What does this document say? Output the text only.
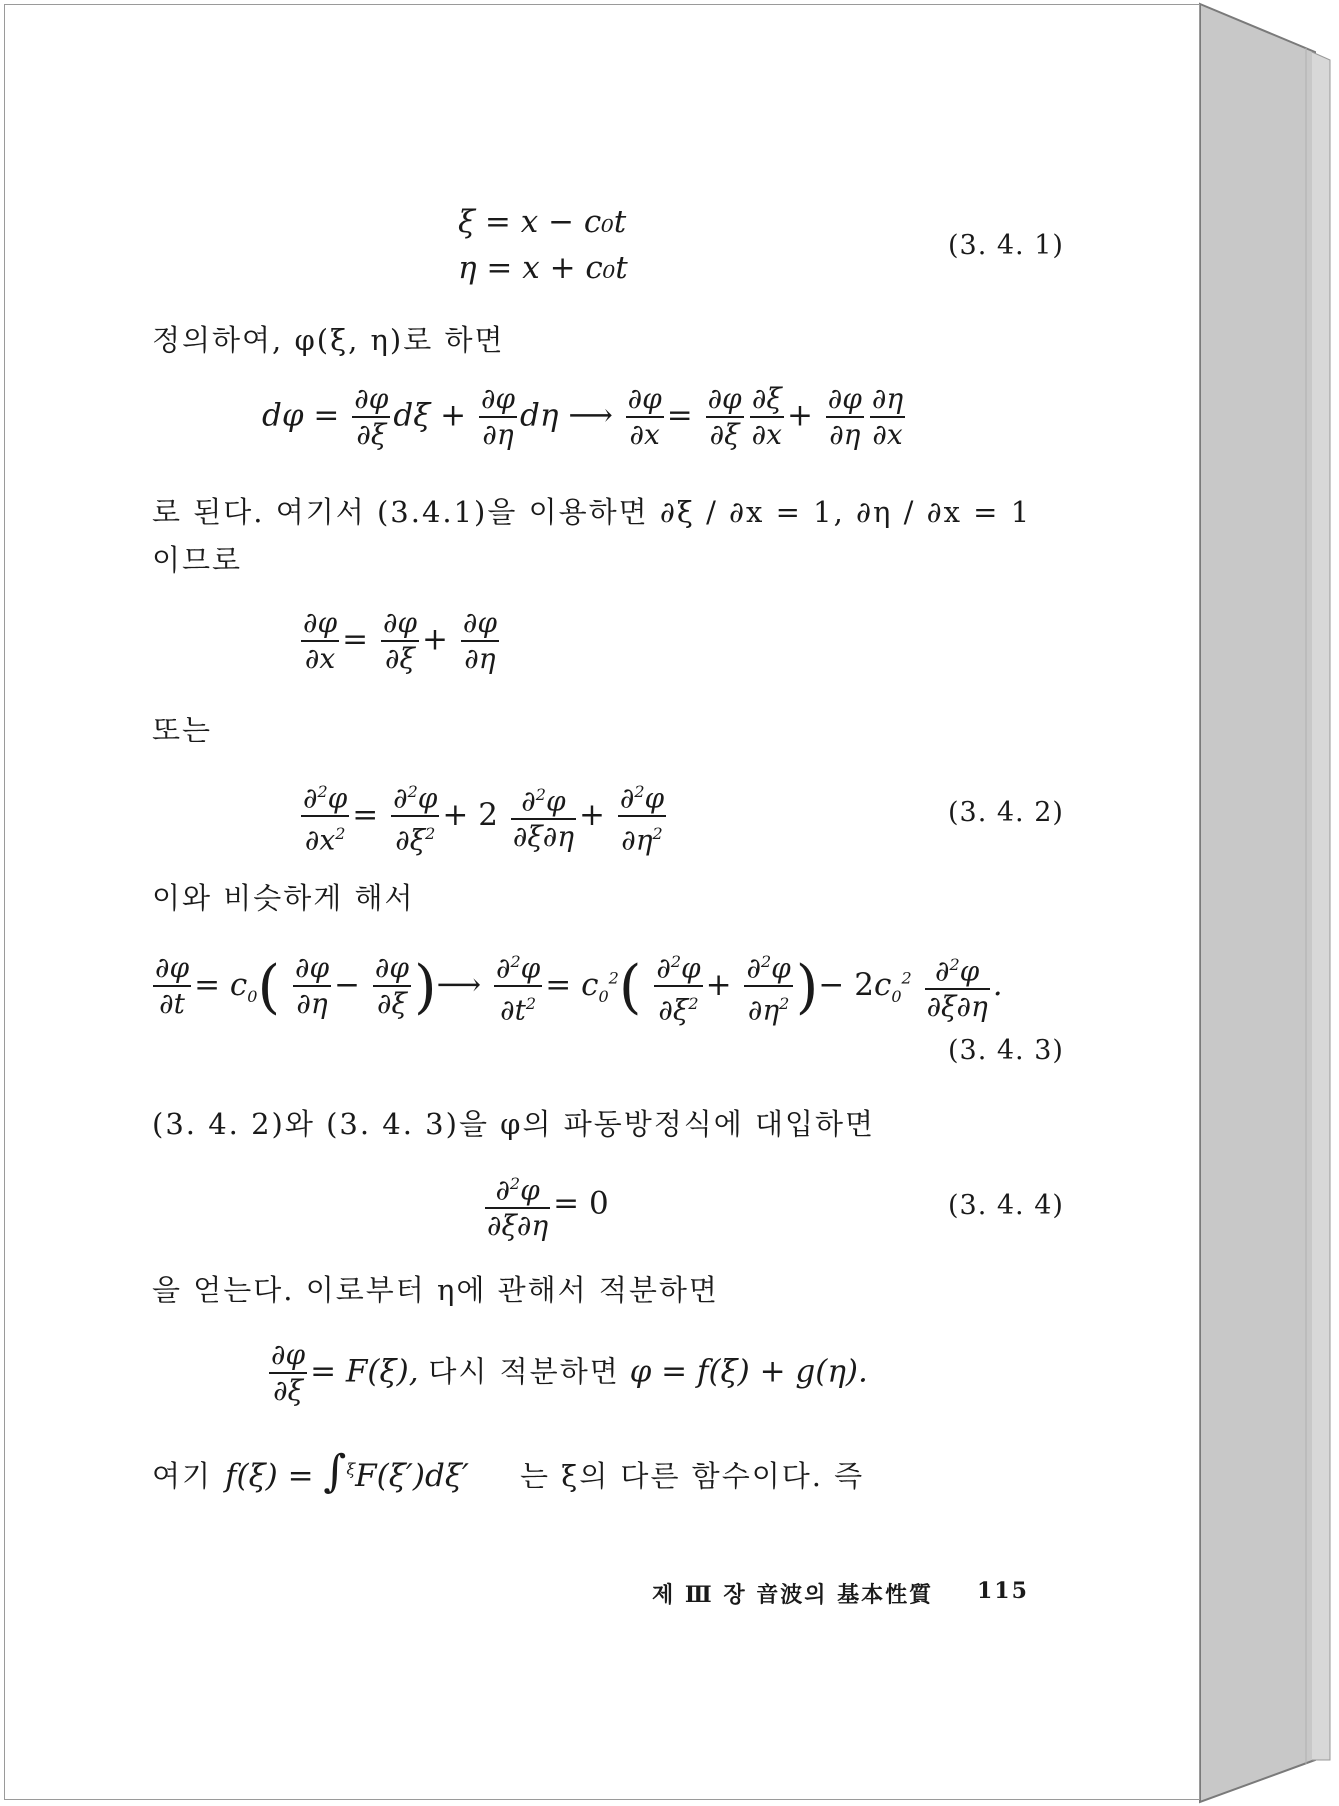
ξ = x − c₀t
η = x + c₀t
(3. 4. 1)
정의하여, φ(ξ, η)로 하면
$d\varphi = \frac{\partial\varphi}{\partial\xi}$ $d\xi + \frac{\partial\varphi}{\partial\eta}$ dη ⟶ $\frac{\partial\varphi}{\partial x} = \frac{\partial\varphi}{\partial\xi} \frac{\partial\xi}{\partial x} + \frac{\partial\varphi}{\partial\eta} \frac{\partial\eta}{\partial x}$
로 된다. 여기서 (3.4.1)을 이용하면 ∂ξ / ∂x = 1, ∂η / ∂x = 1
이므로
$\frac{\partial\varphi}{\partial x} = \frac{\partial\varphi}{\partial\xi} + \frac{\partial\varphi}{\partial\eta}$
또는
$\frac{\partial^2\varphi}{\partial x^2} = \frac{\partial^2\varphi}{\partial\xi^2} + 2 \frac{\partial^2\varphi}{\partial\xi\partial\eta} + \frac{\partial^2\varphi}{\partial\eta^2}$	(3. 4. 2)
이와 비슷하게 해서
$\frac{\partial\varphi}{\partial t} = c_0( \frac{\partial\varphi}{\partial\eta} - \frac{\partial\varphi}{\partial\xi}$ )⟶ $\frac{\partial^2\varphi}{\partial t^2} = c_0^2( \frac{\partial^2\varphi}{\partial\xi^2} + \frac{\partial^2\varphi}{\partial\eta^2}$ )− $2c_0^2 \frac{\partial^2\varphi}{\partial\xi\partial\eta}$ .
(3. 4. 3)
(3. 4. 2)와 (3. 4. 3)을 φ의 파동방정식에 대입하면
$\frac{\partial^2\varphi}{\partial\xi\partial\eta} = 0$	(3. 4. 4)
을 얻는다. 이로부터 η에 관해서 적분하면
$\frac{\partial\varphi}{\partial\xi} = F(\xi)$, 다시 적분하면 φ = f(ξ) + g(η).
여기 f(ξ) = ∫$^\xi$F(ξ′)dξ′ 는 ξ의 다른 함수이다. 즉
제 Ⅲ 장 音波의 基本性質 115
